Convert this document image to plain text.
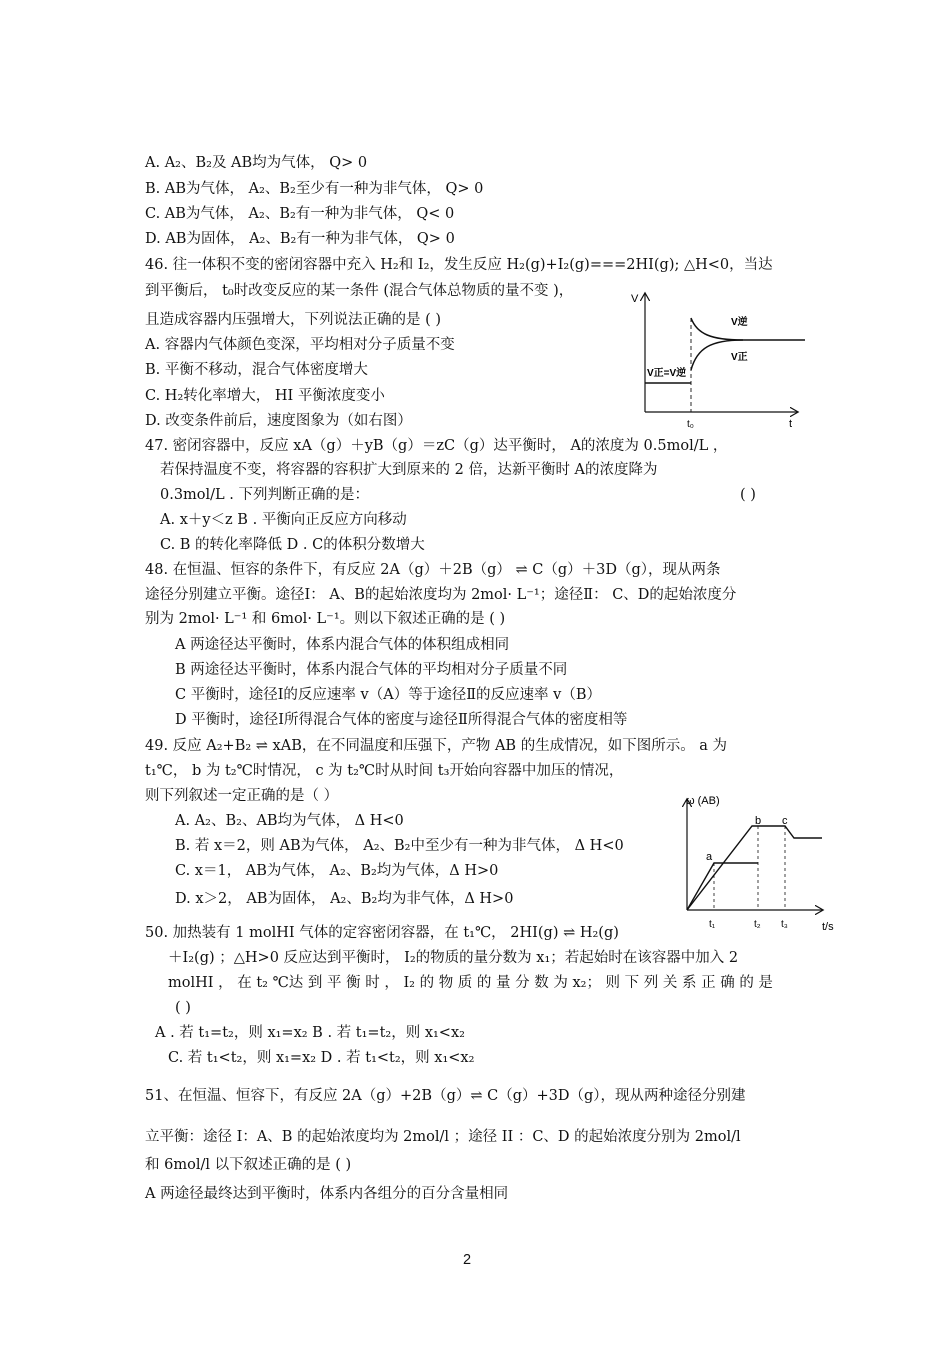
A. A₂、B₂及 AB均为气体， Q> 0
B. AB为气体， A₂、B₂至少有一种为非气体， Q> 0
C. AB为气体， A₂、B₂有一种为非气体， Q< 0
D. AB为固体， A₂、B₂有一种为非气体， Q> 0
46. 往一体积不变的密闭容器中充入 H₂和 I₂，发生反应 H₂(g)+I₂(g)===2HI(g); △H<0，当达
到平衡后， t₀时改变反应的某一条件 (混合气体总物质的量不变 )，
且造成容器内压强增大，下列说法正确的是 ( )
A. 容器内气体颜色变深，平均相对分子质量不变
B. 平衡不移动，混合气体密度增大
C. H₂转化率增大， HI 平衡浓度变小
D. 改变条件前后，速度图象为（如右图）
V
t
V逆
V正
V正=V逆
t₀
47. 密闭容器中，反应 xA（g）＋yB（g）＝zC（g）达平衡时， A的浓度为 0.5mol/L ，
若保持温度不变，将容器的容积扩大到原来的 2 倍，达新平衡时 A的浓度降为
0.3mol/L . 下列判断正确的是：	( )
A. x＋y＜z B . 平衡向正反应方向移动
C. B 的转化率降低 D . C的体积分数增大
48. 在恒温、恒容的条件下，有反应 2A（g）＋2B（g） ⇌ C（g）＋3D（g），现从两条
途径分别建立平衡。途径Ⅰ： A、B的起始浓度均为 2mol· L⁻¹；途径Ⅱ： C、D的起始浓度分
别为 2mol· L⁻¹ 和 6mol· L⁻¹。则以下叙述正确的是 ( )
A 两途径达平衡时，体系内混合气体的体积组成相同
B 两途径达平衡时，体系内混合气体的平均相对分子质量不同
C 平衡时，途径Ⅰ的反应速率 v（A）等于途径Ⅱ的反应速率 v（B）
D 平衡时，途径Ⅰ所得混合气体的密度与途径Ⅱ所得混合气体的密度相等
49. 反应 A₂+B₂ ⇌ xAB，在不同温度和压强下，产物 AB 的生成情况，如下图所示。 a 为
t₁℃， b 为 t₂℃时情况， c 为 t₂℃时从时间 t₃开始向容器中加压的情况，
则下列叙述一定正确的是（ ）
A. A₂、B₂、AB均为气体， Δ H<0
B. 若 x＝2，则 AB为气体， A₂、B₂中至少有一种为非气体， Δ H<0
C. x＝1， AB为气体， A₂、B₂均为气体，Δ H>0
D. x＞2， AB为固体， A₂、B₂均为非气体，Δ H>0
ω (AB)
t/s
a
b c
t₁	t₂ t₃
50. 加热装有 1 molHI 气体的定容密闭容器，在 t₁℃， 2HI(g) ⇌ H₂(g)
＋I₂(g) ；△H>0 反应达到平衡时， I₂的物质的量分数为 x₁；若起始时在该容器中加入 2
molHI ， 在 t₂ ℃达 到 平 衡 时 ， I₂ 的 物 质 的 量 分 数 为 x₂； 则 下 列 关 系 正 确 的 是
( )
A . 若 t₁=t₂，则 x₁=x₂ B . 若 t₁=t₂，则 x₁<x₂
C. 若 t₁<t₂，则 x₁=x₂ D . 若 t₁<t₂，则 x₁<x₂
51、在恒温、恒容下，有反应 2A（g）+2B（g）⇌ C（g）+3D（g），现从两种途径分别建
立平衡：途径 I：A、B 的起始浓度均为 2mol/l ；途径 II ：C、D 的起始浓度分别为 2mol/l
和 6mol/l 以下叙述正确的是 ( )
A 两途径最终达到平衡时，体系内各组分的百分含量相同
2
